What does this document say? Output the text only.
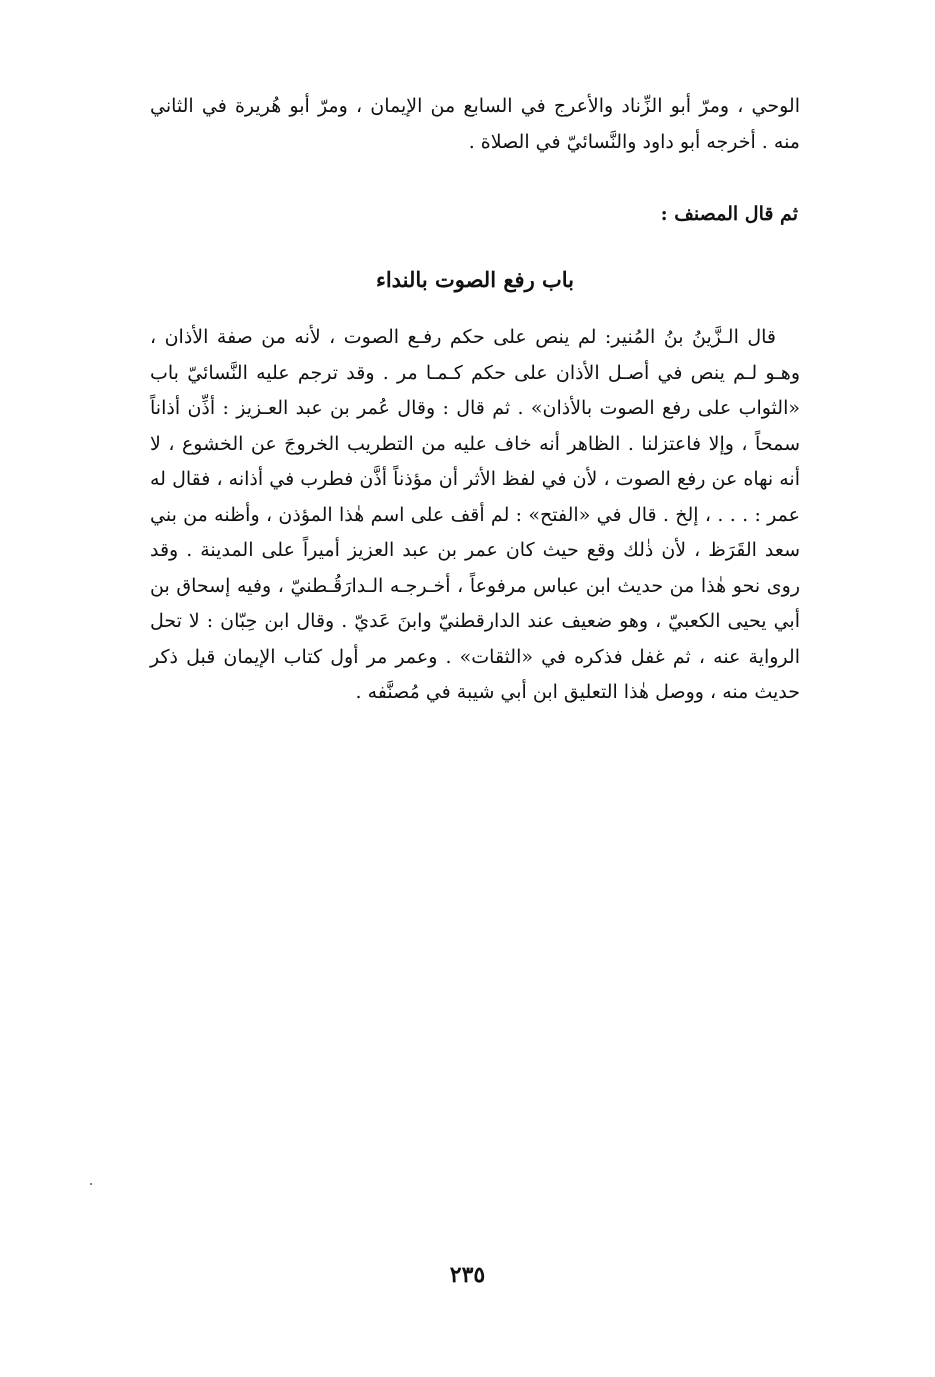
الوحي ، ومرّ أبو الزِّناد والأعرج في السابع من الإيمان ، ومرّ أبو هُريرة في الثاني منه . أخرجه أبو داود والنَّسائيّ في الصلاة .

ثم قال المصنف :
باب رفع الصوت بالنداء

قال الـزَّينُ بنُ المُنير: لم ينص على حكم رفـع الصوت ، لأنه من صفة الأذان ، وهـو لـم ينص في أصـل الأذان على حكم كـمـا مر . وقد ترجم عليه النَّسائيّ باب «الثواب على رفع الصوت بالأذان» . ثم قال : وقال عُمر بن عبد العـزيز : أذِّن أذاناً سمحاً ، وإلا فاعتزلنا . الظاهر أنه خاف عليه من التطريب الخروجَ عن الخشوع ، لا أنه نهاه عن رفع الصوت ، لأن في لفظ الأثر أن مؤذناً أذَّن فطرب في أذانه ، فقال له عمر : . . . ، إلخ . قال في «الفتح» : لم أقف على اسم هٰذا المؤذن ، وأظنه من بني سعد القَرَظ ، لأن ذٰلك وقع حيث كان عمر بن عبد العزيز أميراً على المدينة . وقد روى نحو هٰذا من حديث ابن عباس مرفوعاً ، أخـرجـه الـدارَقُـطنيّ ، وفيه إسحاق بن أبي يحيى الكعبيّ ، وهو ضعيف عند الدارقطنيّ وابنَ عَديّ . وقال ابن حِبّان : لا تحل الرواية عنه ، ثم غفل فذكره في «الثقات» . وعمر مر أول كتاب الإيمان قبل ذكر حديث منه ، ووصل هٰذا التعليق ابن أبي شيبة في مُصنَّفه .

٢٣٥
